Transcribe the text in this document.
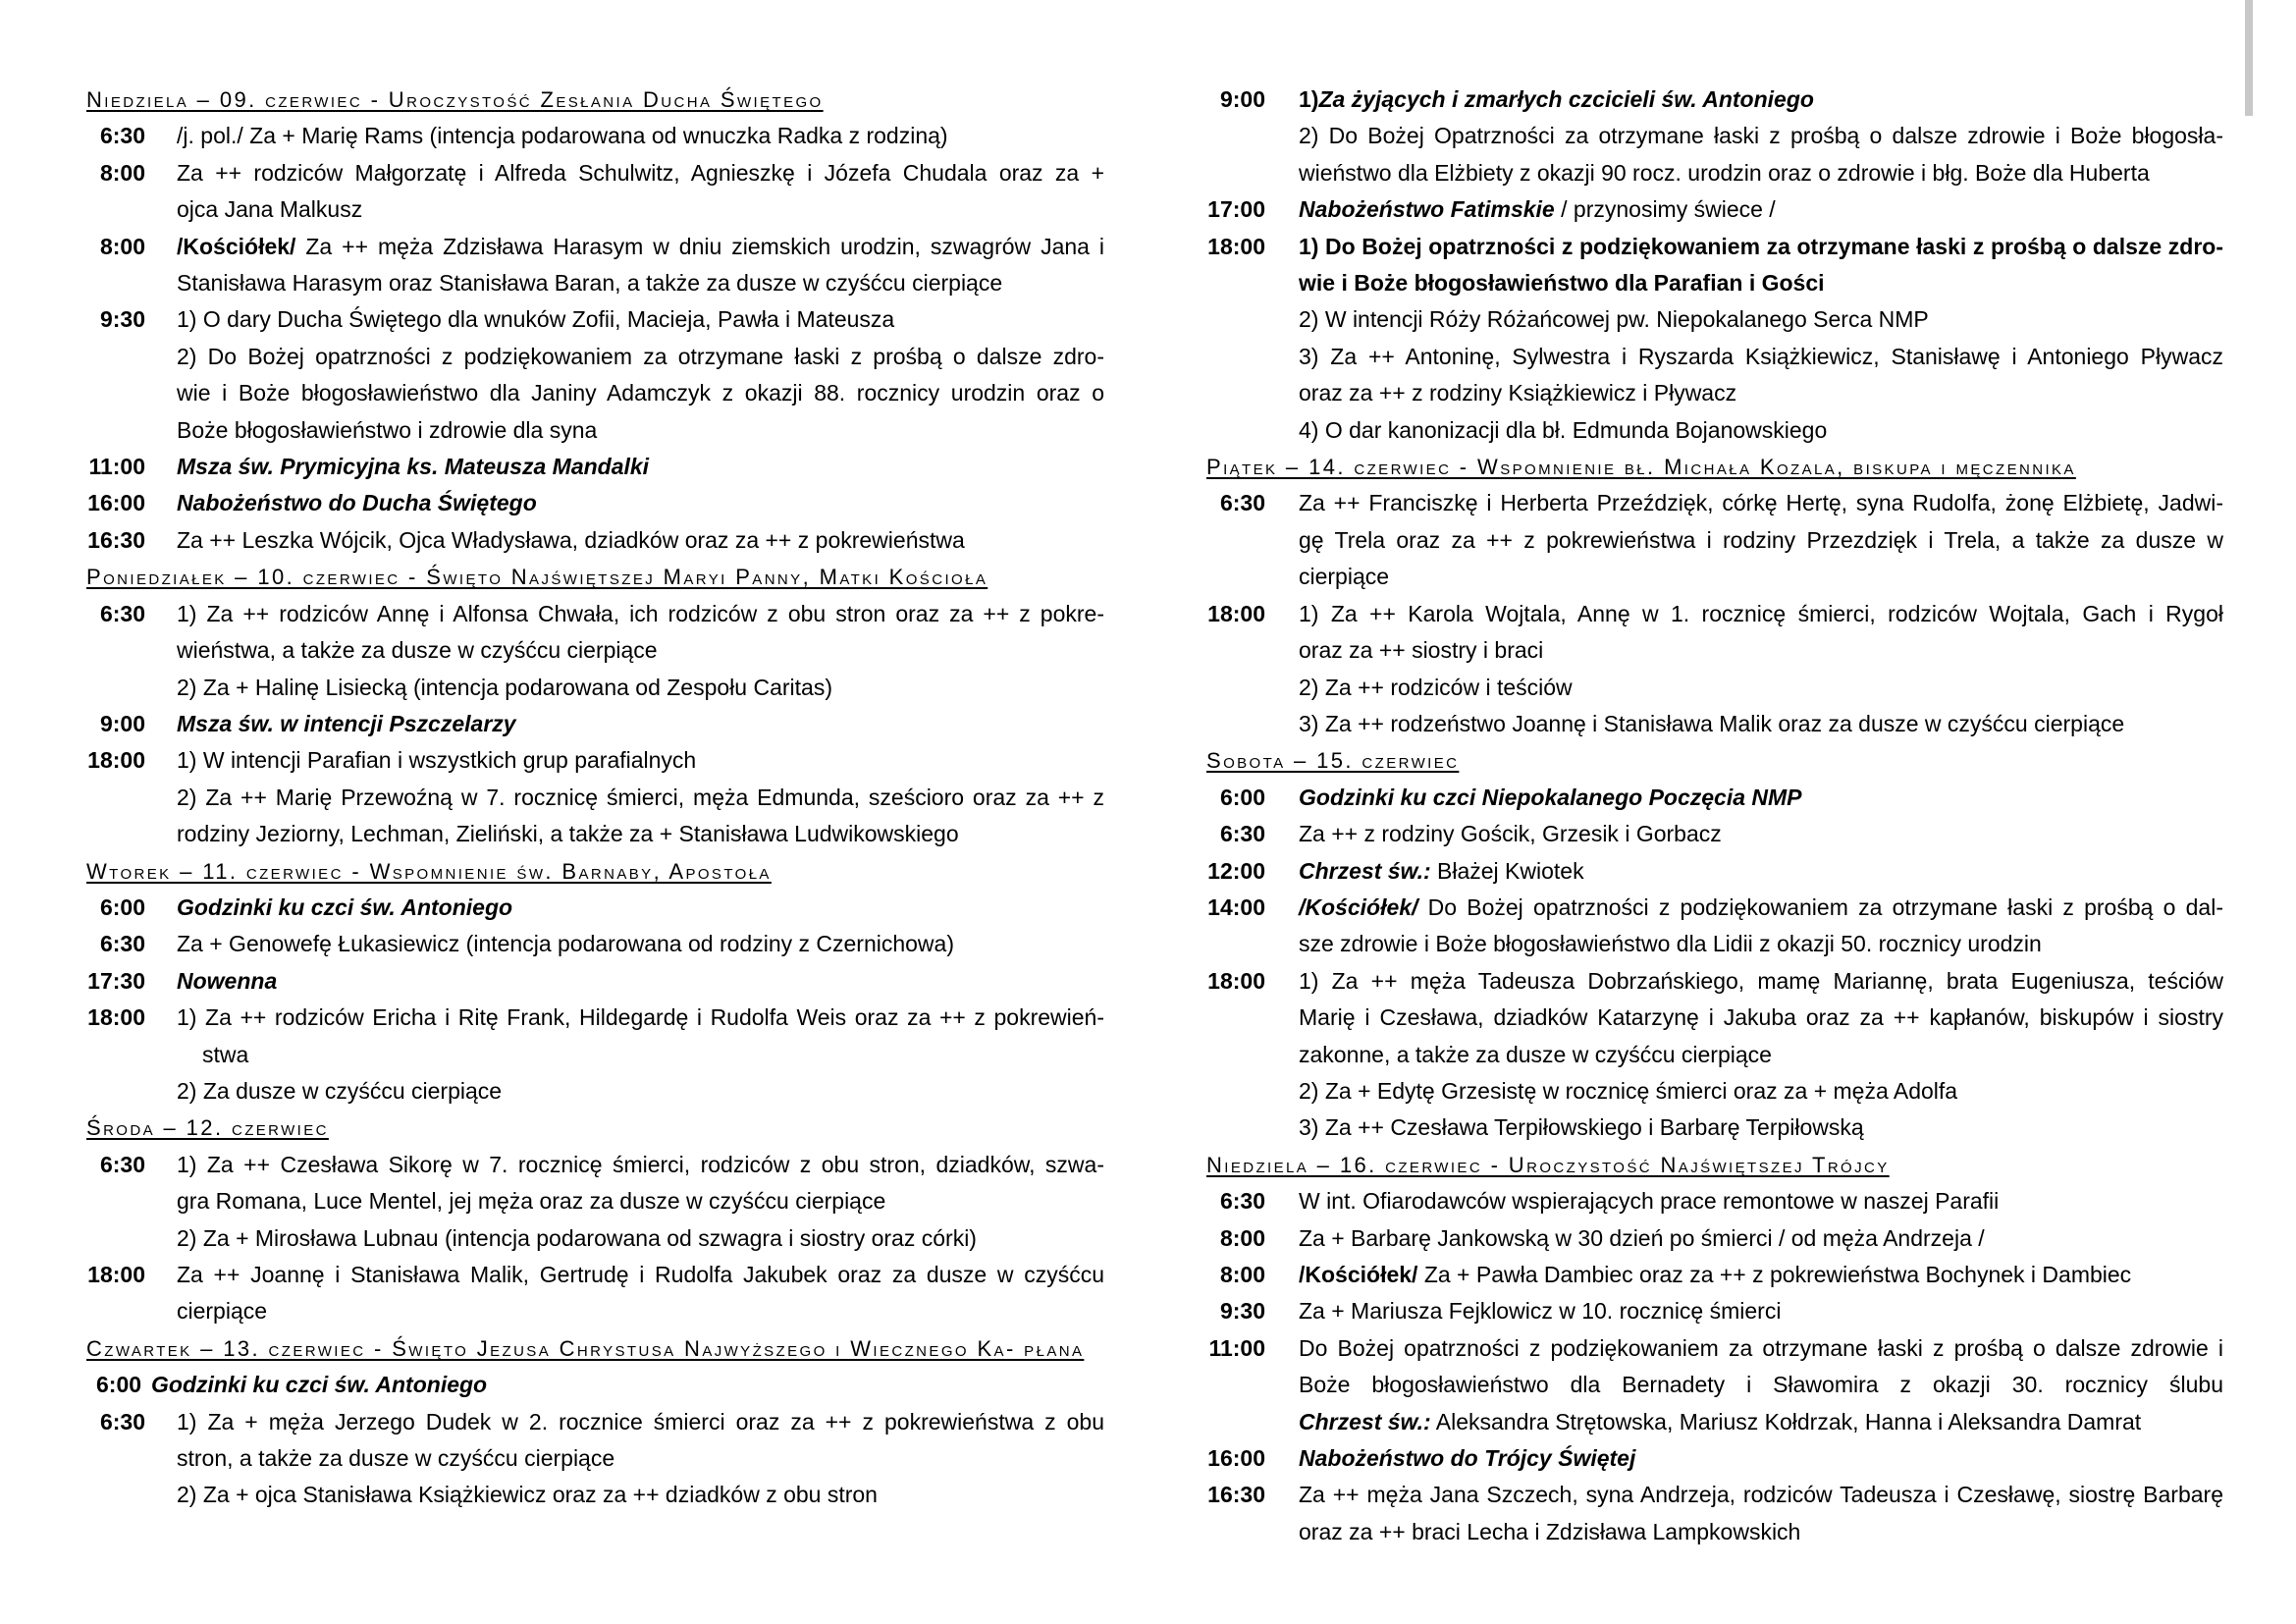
Niedziela – 09. czerwiec - Uroczystość Zesłania Ducha Świętego
6:30 /j. pol./ Za + Marię Rams (intencja podarowana od wnuczka Radka z rodziną)
8:00 Za ++ rodziców Małgorzatę i Alfreda Schulwitz, Agnieszkę i Józefa Chudala oraz za +
ojca Jana Malkusz
8:00 /Kościółek/ Za ++ męża Zdzisława Harasym w dniu ziemskich urodzin, szwagrów Jana i
Stanisława Harasym oraz Stanisława Baran, a także za dusze w czyśćcu cierpiące
9:30 1) O dary Ducha Świętego dla wnuków Zofii, Macieja, Pawła i Mateusza
2) Do Bożej opatrzności z podziękowaniem za otrzymane łaski z prośbą o dalsze zdro-
wie i Boże błogosławieństwo dla Janiny Adamczyk z okazji 88. rocznicy urodzin oraz o
Boże błogosławieństwo i zdrowie dla syna
11:00 Msza św. Prymicyjna ks. Mateusza Mandalki
16:00 Nabożeństwo do Ducha Świętego
16:30 Za ++ Leszka Wójcik, Ojca Władysława, dziadków oraz za ++ z pokrewieństwa
Poniedziałek – 10. czerwiec - Święto Najświętszej Maryi Panny, Matki Kościoła
6:30 1) Za ++ rodziców Annę i Alfonsa Chwała, ich rodziców z obu stron oraz za ++ z pokre-
wieństwa, a także za dusze w czyśćcu cierpiące
2) Za + Halinę Lisiecką (intencja podarowana od Zespołu Caritas)
9:00 Msza św. w intencji Pszczelarzy
18:00 1) W intencji Parafian i wszystkich grup parafialnych
2) Za ++ Marię Przewoźną w 7. rocznicę śmierci, męża Edmunda, sześcioro oraz za ++ z
rodziny Jeziorny, Lechman, Zieliński, a także za + Stanisława Ludwikowskiego
Wtorek – 11. czerwiec - Wspomnienie św. Barnaby, Apostoła
6:00 Godzinki ku czci św. Antoniego
6:30 Za + Genowefę Łukasiewicz (intencja podarowana od rodziny z Czernichowa)
17:30 Nowenna
18:00 1) Za ++ rodziców Ericha i Ritę Frank, Hildegardę i Rudolfa Weis oraz za ++ z pokrewień-
stwa
2) Za dusze w czyśćcu cierpiące
Środa – 12. czerwiec
6:30 1) Za ++ Czesława Sikorę w 7. rocznicę śmierci, rodziców z obu stron, dziadków, szwa-
gra Romana, Luce Mentel, jej męża oraz za dusze w czyśćcu cierpiące
2) Za + Mirosława Lubnau (intencja podarowana od szwagra i siostry oraz córki)
18:00 Za ++ Joannę i Stanisława Malik, Gertrudę i Rudolfa Jakubek oraz za dusze w czyśćcu
cierpiące
Czwartek – 13. czerwiec - Święto Jezusa Chrystusa Najwyższego i Wiecznego Ka- płana
6:00 Godzinki ku czci św. Antoniego
6:30 1) Za + męża Jerzego Dudek w 2. rocznice śmierci oraz za ++ z pokrewieństwa z obu
stron, a także za dusze w czyśćcu cierpiące
2) Za + ojca Stanisława Książkiewicz oraz za ++ dziadków z obu stron
9:00 1)Za żyjących i zmarłych czcicieli św. Antoniego
2) Do Bożej Opatrzności za otrzymane łaski z prośbą o dalsze zdrowie i Boże błogosła-
wieństwo dla Elżbiety z okazji 90 rocz. urodzin oraz o zdrowie i błg. Boże dla Huberta
17:00 Nabożeństwo Fatimskie / przynosimy świece /
18:00 1) Do Bożej opatrzności z podziękowaniem za otrzymane łaski z prośbą o dalsze zdro-
wie i Boże błogosławieństwo dla Parafian i Gości
2) W intencji Róży Różańcowej pw. Niepokalanego Serca NMP
3) Za ++ Antoninę, Sylwestra i Ryszarda Książkiewicz, Stanisławę i Antoniego Pływacz
oraz za ++ z rodziny Książkiewicz i Pływacz
4) O dar kanonizacji dla bł. Edmunda Bojanowskiego
Piątek – 14. czerwiec - Wspomnienie bł. Michała Kozala, biskupa i męczennika
6:30 Za ++ Franciszkę i Herberta Przeździęk, córkę Hertę, syna Rudolfa, żonę Elżbietę, Jadwi-
gę Trela oraz za ++ z pokrewieństwa i rodziny Przezdzięk i Trela, a także za dusze w
cierpiące
18:00 1) Za ++ Karola Wojtala, Annę w 1. rocznicę śmierci, rodziców Wojtala, Gach i Rygoł
oraz za ++ siostry i braci
2) Za ++ rodziców i teściów
3) Za ++ rodzeństwo Joannę i Stanisława Malik oraz za dusze w czyśćcu cierpiące
Sobota – 15. czerwiec
6:00 Godzinki ku czci Niepokalanego Poczęcia NMP
6:30 Za ++ z rodziny Gościk, Grzesik i Gorbacz
12:00 Chrzest św.: Błażej Kwiotek
14:00 /Kościółek/ Do Bożej opatrzności z podziękowaniem za otrzymane łaski z prośbą o dal-
sze zdrowie i Boże błogosławieństwo dla Lidii z okazji 50. rocznicy urodzin
18:00 1) Za ++ męża Tadeusza Dobrzańskiego, mamę Mariannę, brata Eugeniusza, teściów
Marię i Czesława, dziadków Katarzynę i Jakuba oraz za ++ kapłanów, biskupów i siostry
zakonne, a także za dusze w czyśćcu cierpiące
2) Za + Edytę Grzesistę w rocznicę śmierci oraz za + męża Adolfa
3) Za ++ Czesława Terpiłowskiego i Barbarę Terpiłowską
Niedziela – 16. czerwiec - Uroczystość Najświętszej Trójcy
6:30 W int. Ofiarodawców wspierających prace remontowe w naszej Parafii
8:00 Za + Barbarę Jankowską w 30 dzień po śmierci / od męża Andrzeja /
8:00 /Kościółek/ Za + Pawła Dambiec oraz za ++ z pokrewieństwa Bochynek i Dambiec
9:30 Za + Mariusza Fejklowicz w 10. rocznicę śmierci
11:00 Do Bożej opatrzności z podziękowaniem za otrzymane łaski z prośbą o dalsze zdrowie i
Boże błogosławieństwo dla Bernadety i Sławomira z okazji 30. rocznicy ślubu
Chrzest św.: Aleksandra Strętowska, Mariusz Kołdrzak, Hanna i Aleksandra Damrat
16:00 Nabożeństwo do Trójcy Świętej
16:30 Za ++ męża Jana Szczech, syna Andrzeja, rodziców Tadeusza i Czesławę, siostrę Barbarę
oraz za ++ braci Lecha i Zdzisława Lampkowskich
